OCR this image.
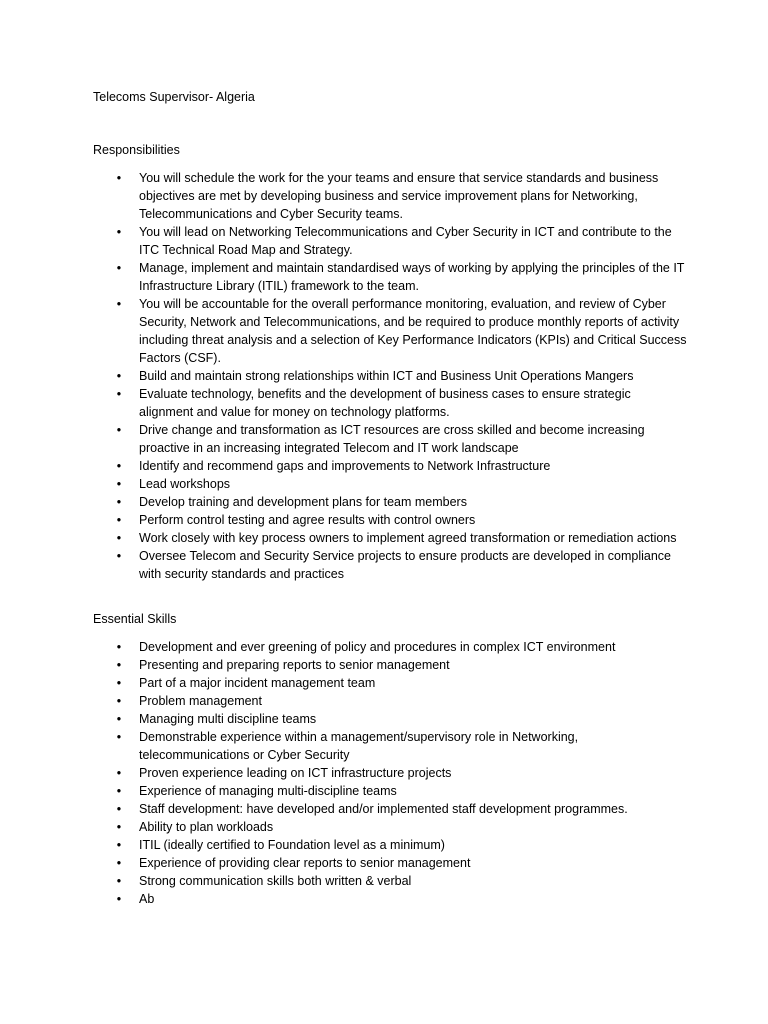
Telecoms Supervisor- Algeria
Responsibilities
• You will schedule the work for the your teams and ensure that service standards and business objectives are met by developing business and service improvement plans for Networking, Telecommunications and Cyber Security teams.
• You will lead on Networking Telecommunications and Cyber Security in ICT and contribute to the ITC Technical Road Map and Strategy.
• Manage, implement and maintain standardised ways of working by applying the principles of the IT Infrastructure Library (ITIL) framework to the team.
• You will be accountable for the overall performance monitoring, evaluation, and review of Cyber Security, Network and Telecommunications, and be required to produce monthly reports of activity including threat analysis and a selection of Key Performance Indicators (KPIs) and Critical Success Factors (CSF).
• Build and maintain strong relationships within ICT and Business Unit Operations Mangers
• Evaluate technology, benefits and the development of business cases to ensure strategic alignment and value for money on technology platforms.
• Drive change and transformation as ICT resources are cross skilled and become increasing proactive in an increasing integrated Telecom and IT work landscape
• Identify and recommend gaps and improvements to Network Infrastructure
• Lead workshops
• Develop training and development plans for team members
• Perform control testing and agree results with control owners
• Work closely with key process owners to implement agreed transformation or remediation actions
• Oversee Telecom and Security Service projects to ensure products are developed in compliance with security standards and practices
Essential Skills
• Development and ever greening of policy and procedures in complex ICT environment
• Presenting and preparing reports to senior management
• Part of a major incident management team
• Problem management
• Managing multi discipline teams
• Demonstrable experience within a management/supervisory role in Networking, telecommunications or Cyber Security
• Proven experience leading on ICT infrastructure projects
• Experience of managing multi-discipline teams
• Staff development: have developed and/or implemented staff development programmes.
• Ability to plan workloads
• ITIL (ideally certified to Foundation level as a minimum)
• Experience of providing clear reports to senior management
• Strong communication skills both written & verbal
• Ab
